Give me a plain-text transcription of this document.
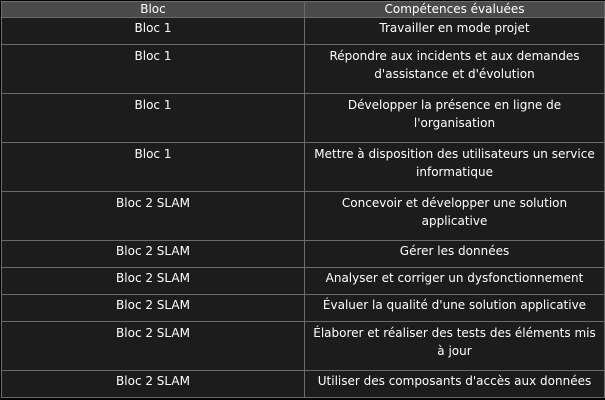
Bloc	Compétences évaluées
Bloc 1	Travailler en mode projet
Bloc 1	Répondre aux incidents et aux demandes d'assistance et d'évolution
Bloc 1	Développer la présence en ligne de l'organisation
Bloc 1	Mettre à disposition des utilisateurs un service informatique
Bloc 2 SLAM	Concevoir et développer une solution applicative
Bloc 2 SLAM	Gérer les données
Bloc 2 SLAM	Analyser et corriger un dysfonctionnement
Bloc 2 SLAM	Évaluer la qualité d'une solution applicative
Bloc 2 SLAM	Élaborer et réaliser des tests des éléments mis à jour
Bloc 2 SLAM	Utiliser des composants d'accès aux données
